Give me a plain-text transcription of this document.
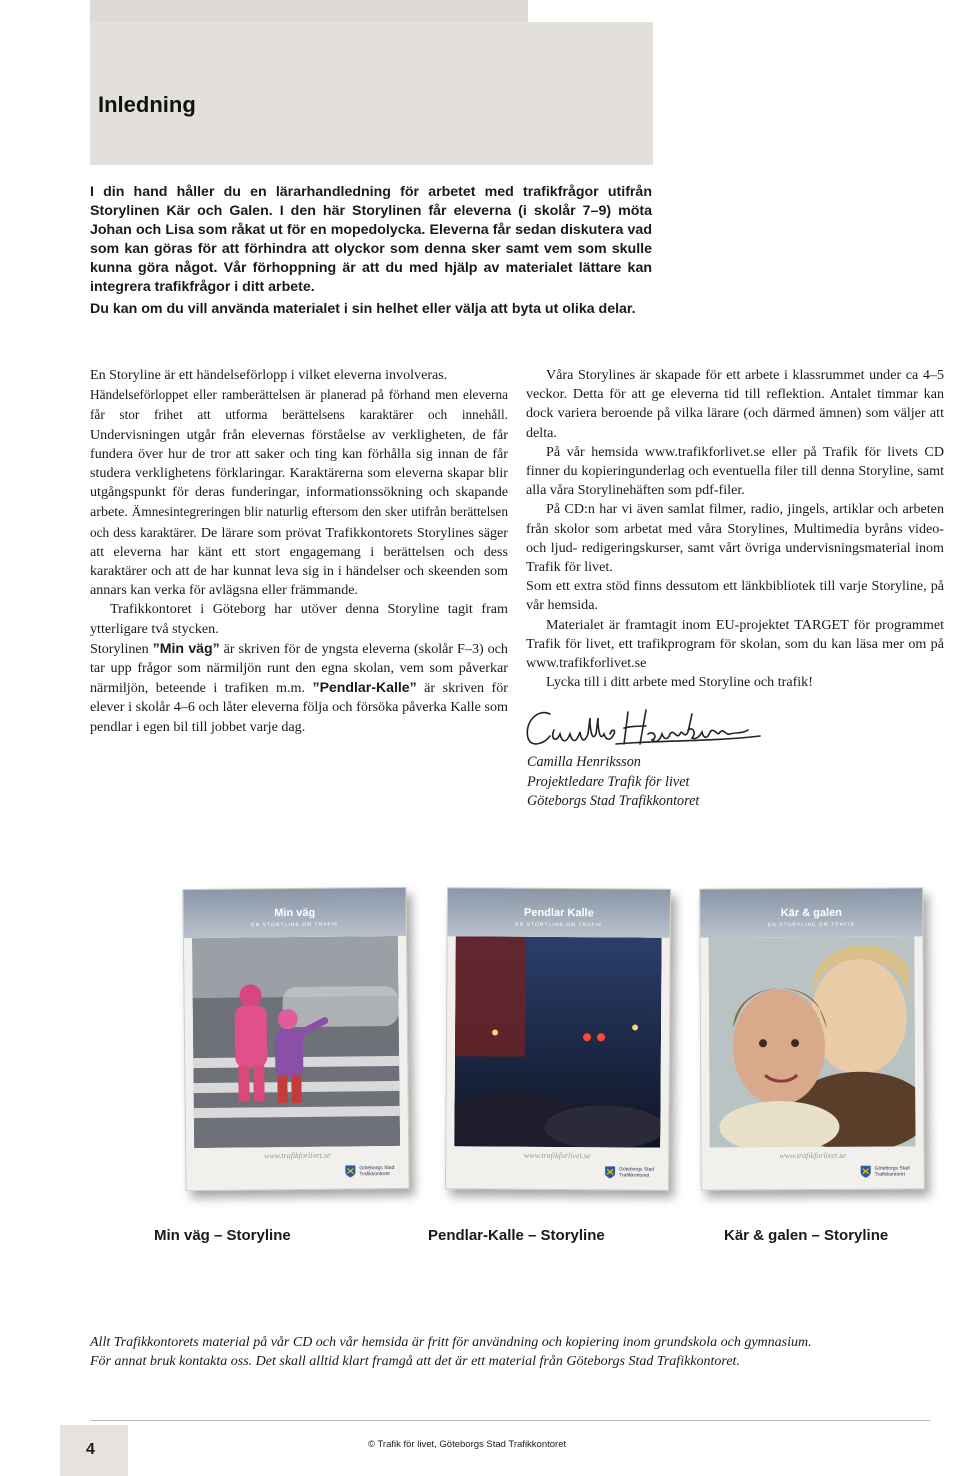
Inledning

I din hand håller du en lärarhandledning för arbetet med trafikfrågor utifrån Storylinen Kär och Galen. I den här Storylinen får eleverna (i skolår 7–9) möta Johan och Lisa som råkat ut för en mopedolycka. Eleverna får sedan diskutera vad som kan göras för att förhindra att olyckor som denna sker samt vem som skulle kunna göra något. Vår förhoppning är att du med hjälp av materialet lättare kan integrera trafikfrågor i ditt arbete.

Du kan om du vill använda materialet i sin helhet eller välja att byta ut olika delar.

En Storyline är ett händelseförlopp i vilket eleverna involveras.

Händelseförloppet eller ramberättelsen är planerad på förhand men eleverna får stor frihet att utforma berättelsens karaktärer och innehåll. Undervisningen utgår från elevernas förståelse av verkligheten, de får fundera över hur de tror att saker och ting kan förhålla sig innan de får studera verklighetens förklaringar. Karaktärerna som eleverna skapar blir utgångspunkt för deras funderingar, informationssökning och skapande arbete. Ämnesintegreringen blir naturlig eftersom den sker utifrån berättelsen och dess karaktärer. De lärare som prövat Trafikkontorets Storylines säger att eleverna har känt ett stort engagemang i berättelsen och dess karaktärer och att de har kunnat leva sig in i händelser och skeenden som annars kan verka för avlägsna eller främmande.

Trafikkontoret i Göteborg har utöver denna Storyline tagit fram ytterligare två stycken.

Storylinen ”Min väg” är skriven för de yngsta eleverna (skolår F–3) och tar upp frågor som närmiljön runt den egna skolan, vem som påverkar närmiljön, beteende i trafiken m.m. ”Pendlar-Kalle” är skriven för elever i skolår 4–6 och låter eleverna följa och försöka påverka Kalle som pendlar i egen bil till jobbet varje dag.

Våra Storylines är skapade för ett arbete i klassrummet under ca 4–5 veckor. Detta för att ge eleverna tid till reflektion. Antalet timmar kan dock variera beroende på vilka lärare (och därmed ämnen) som väljer att delta.

På vår hemsida www.trafikforlivet.se eller på Trafik för livets CD finner du kopieringunderlag och eventuella filer till denna Storyline, samt alla våra Storylinehäften som pdf-filer.

På CD:n har vi även samlat filmer, radio, jingels, artiklar och arbeten från skolor som arbetat med våra Storylines, Multimedia byråns video- och ljud- redigeringskurser, samt vårt övriga undervisningsmaterial inom Trafik för livet.

Som ett extra stöd finns dessutom ett länkbibliotek till varje Storyline, på vår hemsida.

Materialet är framtagit inom EU-projektet TARGET för programmet Trafik för livet, ett trafikprogram för skolan, som du kan läsa mer om på www.trafikforlivet.se

Lycka till i ditt arbete med Storyline och trafik!

Camilla Henriksson
Projektledare Trafik för livet
Göteborgs Stad Trafikkontoret
Min väg
EN STORYLINE OM TRAFIK
www.trafikforlivet.se
Göteborgs Stad
Trafikkontoret
Pendlar Kalle
EN STORYLINE OM TRAFIK
www.trafikforlivet.se
Göteborgs Stad
Trafikkontoret
Kär & galen
EN STORYLINE OM TRAFIK
www.trafikforlivet.se
Göteborgs Stad
Trafikkontoret
Min väg – Storyline	Pendlar-Kalle – Storyline	Kär & galen – Storyline
Allt Trafikkontorets material på vår CD och vår hemsida är fritt för användning och kopiering inom grundskola och gymnasium.
För annat bruk kontakta oss. Det skall alltid klart framgå att det är ett material från Göteborgs Stad Trafikkontoret.
4	© Trafik för livet, Göteborgs Stad Trafikkontoret
